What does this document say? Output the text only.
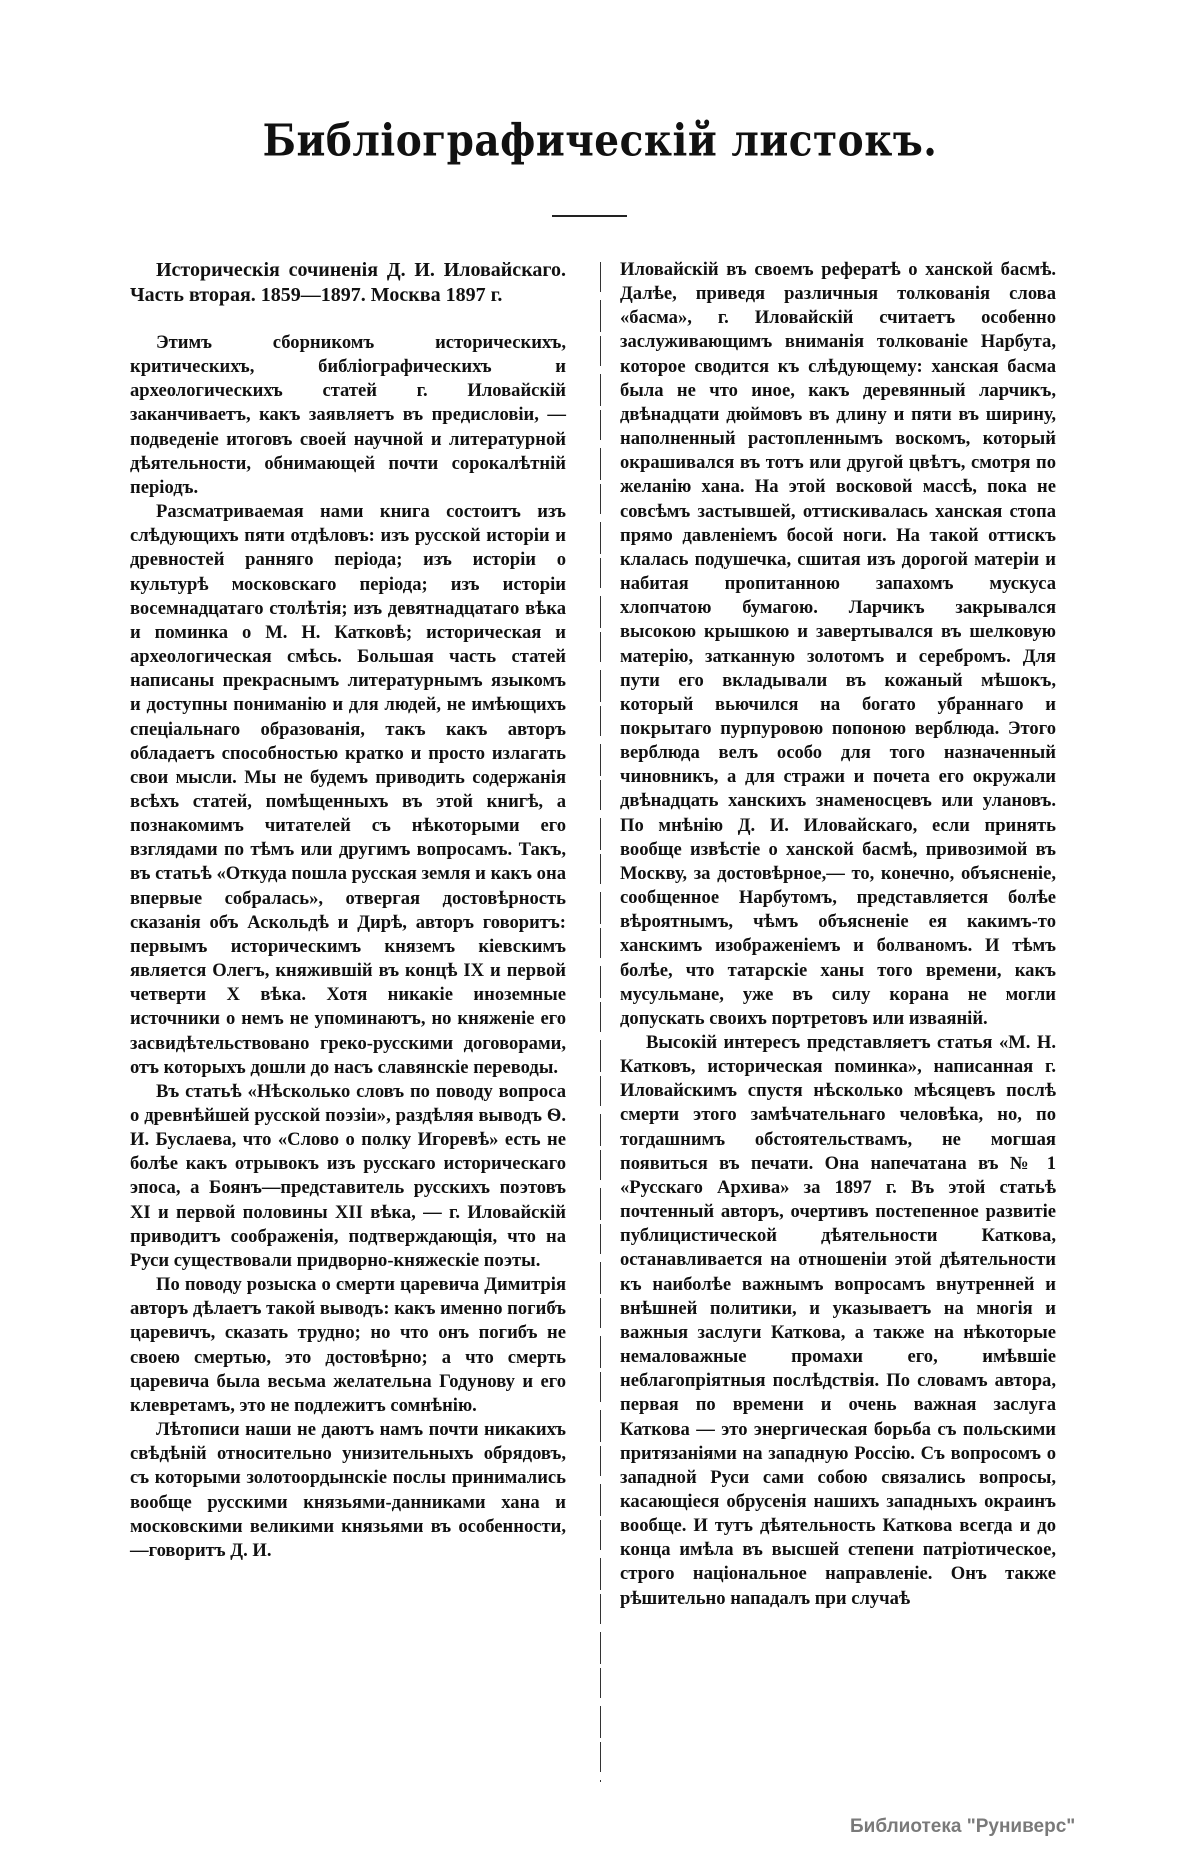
Библіографическій листокъ.

Историческія сочиненія Д. И. Иловайскаго. Часть вторая. 1859—1897. Москва 1897 г.

Этимъ сборникомъ историческихъ, критическихъ, библіографическихъ и археологическихъ статей г. Иловайскій заканчиваетъ, какъ заявляетъ въ предисловіи, — подведеніе итоговъ своей научной и литературной дѣятельности, обнимающей почти сорокалѣтній періодъ.

Разсматриваемая нами книга состоитъ изъ слѣдующихъ пяти отдѣловъ: изъ русской исторіи и древностей ранняго періода; изъ исторіи о культурѣ московскаго періода; изъ исторіи восемнадцатаго столѣтія; изъ девятнадцатаго вѣка и поминка о М. Н. Катковѣ; историческая и археологическая смѣсь. Большая часть статей написаны прекраснымъ литературнымъ языкомъ и доступны пониманію и для людей, не имѣющихъ спеціальнаго образованія, такъ какъ авторъ обладаетъ способностью кратко и просто излагать свои мысли. Мы не будемъ приводить содержанія всѣхъ статей, помѣщенныхъ въ этой книгѣ, а познакомимъ читателей съ нѣкоторыми его взглядами по тѣмъ или другимъ вопросамъ. Такъ, въ статьѣ «Откуда пошла русская земля и какъ она впервые собралась», отвергая достовѣрность сказанія объ Аскольдѣ и Дирѣ, авторъ говоритъ: первымъ историческимъ княземъ кіевскимъ является Олегъ, княжившій въ концѣ IX и первой четверти X вѣка. Хотя никакіе иноземные источники о немъ не упоминаютъ, но княженіе его засвидѣтельствовано греко-русскими договорами, отъ которыхъ дошли до насъ славянскіе переводы.

Въ статьѣ «Нѣсколько словъ по поводу вопроса о древнѣйшей русской поэзіи», раздѣляя выводъ Ѳ. И. Буслаева, что «Слово о полку Игоревѣ» есть не болѣе какъ отрывокъ изъ русскаго историческаго эпоса, а Боянъ—представитель русскихъ поэтовъ XI и первой половины XII вѣка, — г. Иловайскій приводитъ соображенія, подтверждающія, что на Руси существовали придворно-княжескіе поэты.

По поводу розыска о смерти царевича Димитрія авторъ дѣлаетъ такой выводъ: какъ именно погибъ царевичъ, сказать трудно; но что онъ погибъ не своею смертью, это достовѣрно; а что смерть царевича была весьма желательна Годунову и его клевретамъ, это не подлежитъ сомнѣнію.

Лѣтописи наши не даютъ намъ почти никакихъ свѣдѣній относительно унизительныхъ обрядовъ, съ которыми золотоордынскіе послы принимались вообще русскими князьями-данниками хана и московскими великими князьями въ особенности, —говоритъ Д. И.

Иловайскій въ своемъ рефератѣ о ханской басмѣ. Далѣе, приведя различныя толкованія слова «басма», г. Иловайскій считаетъ особенно заслуживающимъ вниманія толкованіе Нарбута, которое сводится къ слѣдующему: ханская басма была не что иное, какъ деревянный ларчикъ, двѣнадцати дюймовъ въ длину и пяти въ ширину, наполненный растопленнымъ воскомъ, который окрашивался въ тотъ или другой цвѣтъ, смотря по желанію хана. На этой восковой массѣ, пока не совсѣмъ застывшей, оттискивалась ханская стопа прямо давленіемъ босой ноги. На такой оттискъ клалась подушечка, сшитая изъ дорогой матеріи и набитая пропитанною запахомъ мускуса хлопчатою бумагою. Ларчикъ закрывался высокою крышкою и завертывался въ шелковую матерію, затканную золотомъ и серебромъ. Для пути его вкладывали въ кожаный мѣшокъ, который вьючился на богато убраннаго и покрытаго пурпуровою попоною верблюда. Этого верблюда велъ особо для того назначенный чиновникъ, а для стражи и почета его окружали двѣнадцать ханскихъ знаменосцевъ или улановъ. По мнѣнію Д. И. Иловайскаго, если принять вообще извѣстіе о ханской басмѣ, привозимой въ Москву, за достовѣрное,— то, конечно, объясненіе, сообщенное Нарбутомъ, представляется болѣе вѣроятнымъ, чѣмъ объясненіе ея какимъ-то ханскимъ изображеніемъ и болваномъ. И тѣмъ болѣе, что татарскіе ханы того времени, какъ мусульмане, уже въ силу корана не могли допускать своихъ портретовъ или изваяній.

Высокій интересъ представляетъ статья «М. Н. Катковъ, историческая поминка», написанная г. Иловайскимъ спустя нѣсколько мѣсяцевъ послѣ смерти этого замѣчательнаго человѣка, но, по тогдашнимъ обстоятельствамъ, не могшая появиться въ печати. Она напечатана въ № 1 «Русскаго Архива» за 1897 г. Въ этой статьѣ почтенный авторъ, очертивъ постепенное развитіе публицистической дѣятельности Каткова, останавливается на отношеніи этой дѣятельности къ наиболѣе важнымъ вопросамъ внутренней и внѣшней политики, и указываетъ на многія и важныя заслуги Каткова, а также на нѣкоторые немаловажные промахи его, имѣвшіе неблагопріятныя послѣдствія. По словамъ автора, первая по времени и очень важная заслуга Каткова — это энергическая борьба съ польскими притязаніями на западную Россію. Съ вопросомъ о западной Руси сами собою связались вопросы, касающіеся обрусенія нашихъ западныхъ окраинъ вообще. И тутъ дѣятельность Каткова всегда и до конца имѣла въ высшей степени патріотическое, строго національное направленіе. Онъ также рѣшительно нападалъ при случаѣ

Библиотека "Руниверс"
